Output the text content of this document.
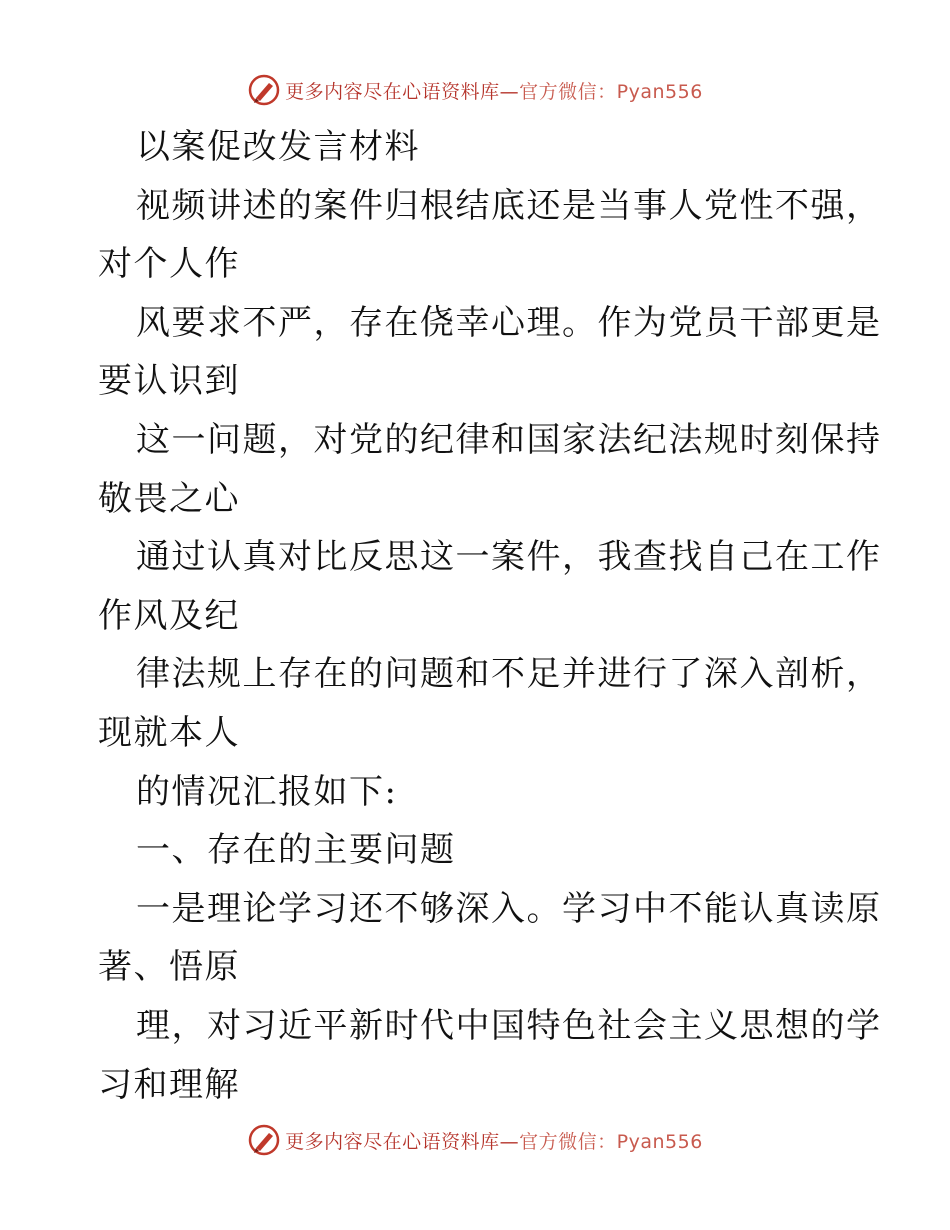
更多内容尽在心语资料库—官方微信：Pyan556
以案促改发言材料
视频讲述的案件归根结底还是当事人党性不强，
对个人作
风要求不严，存在侥幸心理。作为党员干部更是
要认识到
这一问题，对党的纪律和国家法纪法规时刻保持
敬畏之心
通过认真对比反思这一案件，我查找自己在工作
作风及纪
律法规上存在的问题和不足并进行了深入剖析，
现就本人
的情况汇报如下:
一、存在的主要问题
一是理论学习还不够深入。学习中不能认真读原
著、悟原
理，对习近平新时代中国特色社会主义思想的学
习和理解
更多内容尽在心语资料库—官方微信：Pyan556
